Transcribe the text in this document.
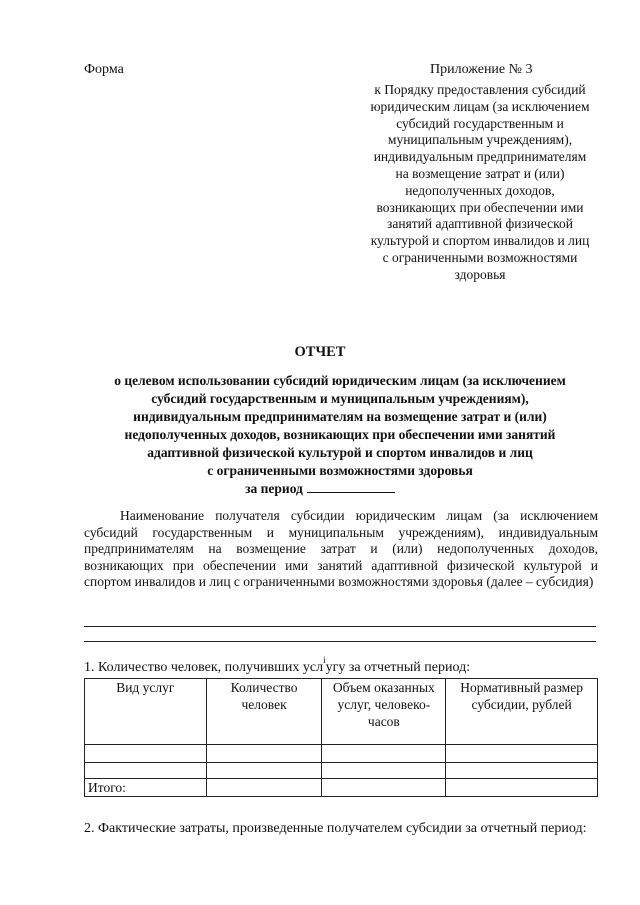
Форма	Приложение № 3
к Порядку предоставления субсидий
юридическим лицам (за исключением
субсидий государственным и
муниципальным учреждениям),
индивидуальным предпринимателям
на возмещение затрат и (или)
недополученных доходов,
возникающих при обеспечении ими
занятий адаптивной физической
культурой и спортом инвалидов и лиц
с ограниченными возможностями
здоровья
ОТЧЕТ
о целевом использовании субсидий юридическим лицам (за исключением
субсидий государственным и муниципальным учреждениям),
индивидуальным предпринимателям на возмещение затрат и (или)
недополученных доходов, возникающих при обеспечении ими занятий
адаптивной физической культурой и спортом инвалидов и лиц
с ограниченными возможностями здоровья
за период
Наименование получателя субсидии юридическим лицам (за исключением субсидий государственным и муниципальным учреждениям), индивидуальным предпринимателям на возмещение затрат и (или) недополученных доходов, возникающих при обеспечении ими занятий адаптивной физической культурой и спортом инвалидов и лиц с ограниченными возможностями здоровья (далее – субсидия)
1. Количество человек, получивших усл$^i$угу за отчетный период:
Вид услуг	Количество человек	Объем оказанных услуг, человеко-часов	Нормативный размер субсидии, рублей

Итого:			
2. Фактические затраты, произведенные получателем субсидии за отчетный период:
